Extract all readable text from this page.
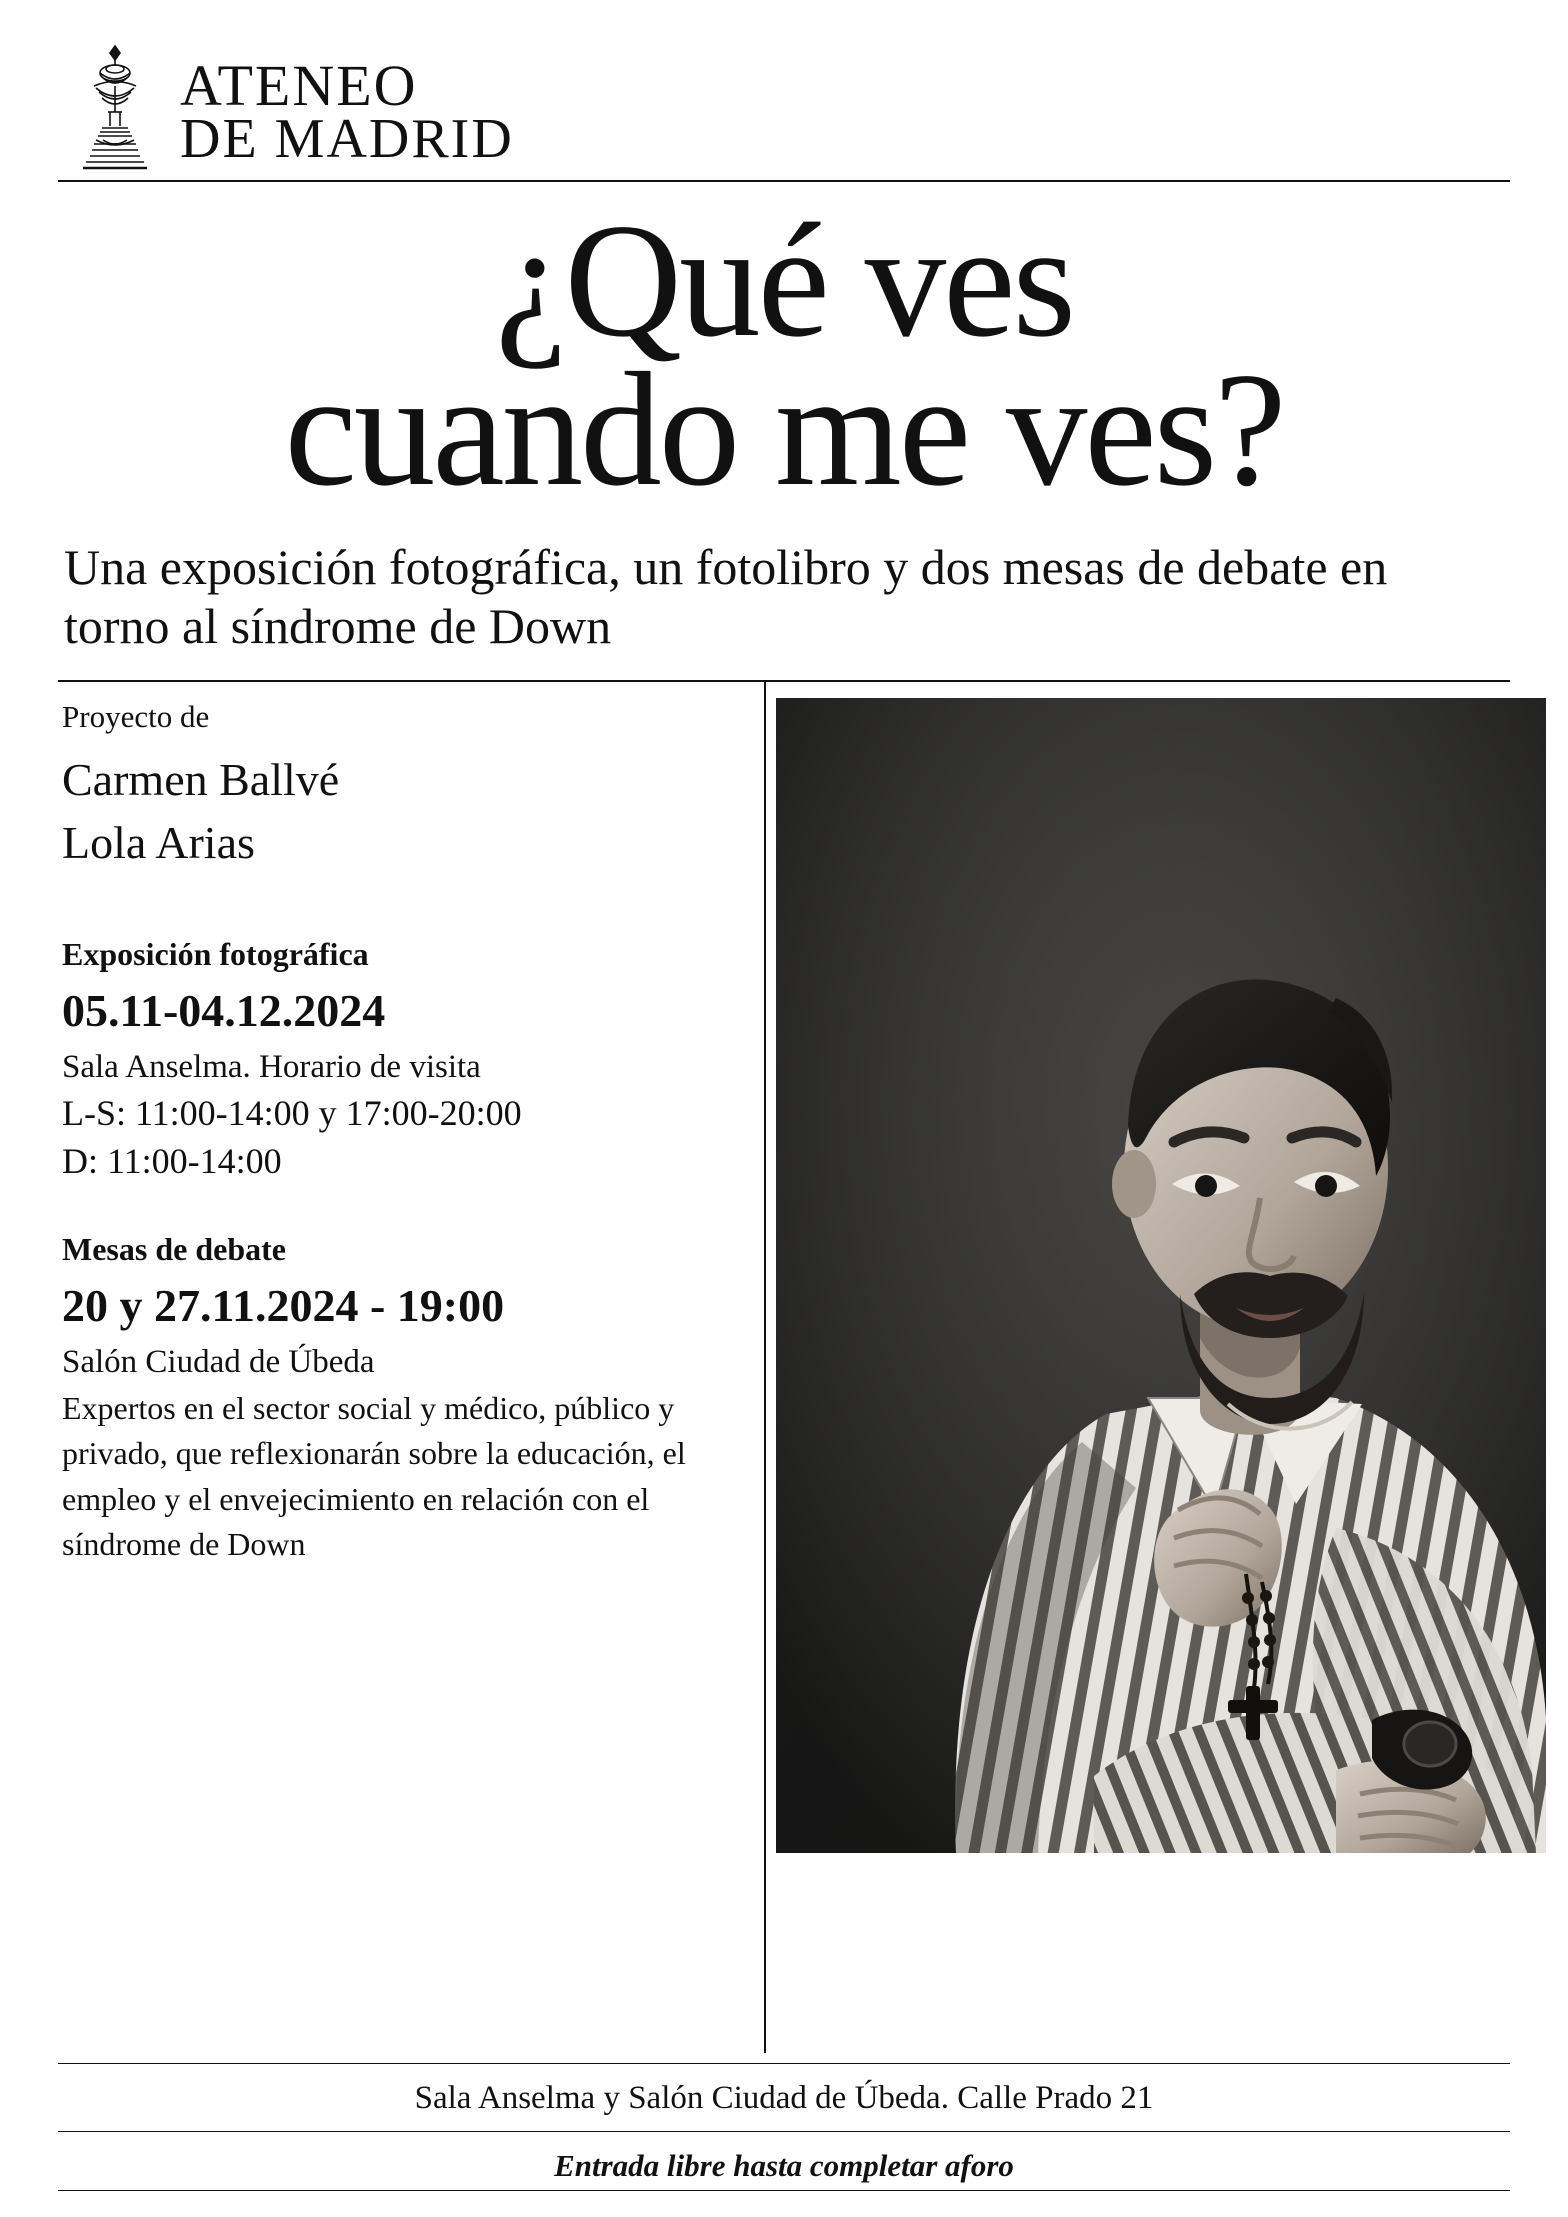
ATENEO
DE MADRID
¿Qué ves
cuando me ves?
Una exposición fotográfica, un fotolibro y dos mesas de debate en torno al síndrome de Down
Proyecto de
Carmen Ballvé
Lola Arias
Exposición fotográfica
05.11-04.12.2024
Sala Anselma. Horario de visita
L-S: 11:00-14:00 y 17:00-20:00
D: 11:00-14:00
Mesas de debate
20 y 27.11.2024 - 19:00
Salón Ciudad de Úbeda
Expertos en el sector social y médico, público y privado, que reflexionarán sobre la educación, el empleo y el envejecimiento en relación con el síndrome de Down
Sala Anselma y Salón Ciudad de Úbeda. Calle Prado 21
Entrada libre hasta completar aforo
